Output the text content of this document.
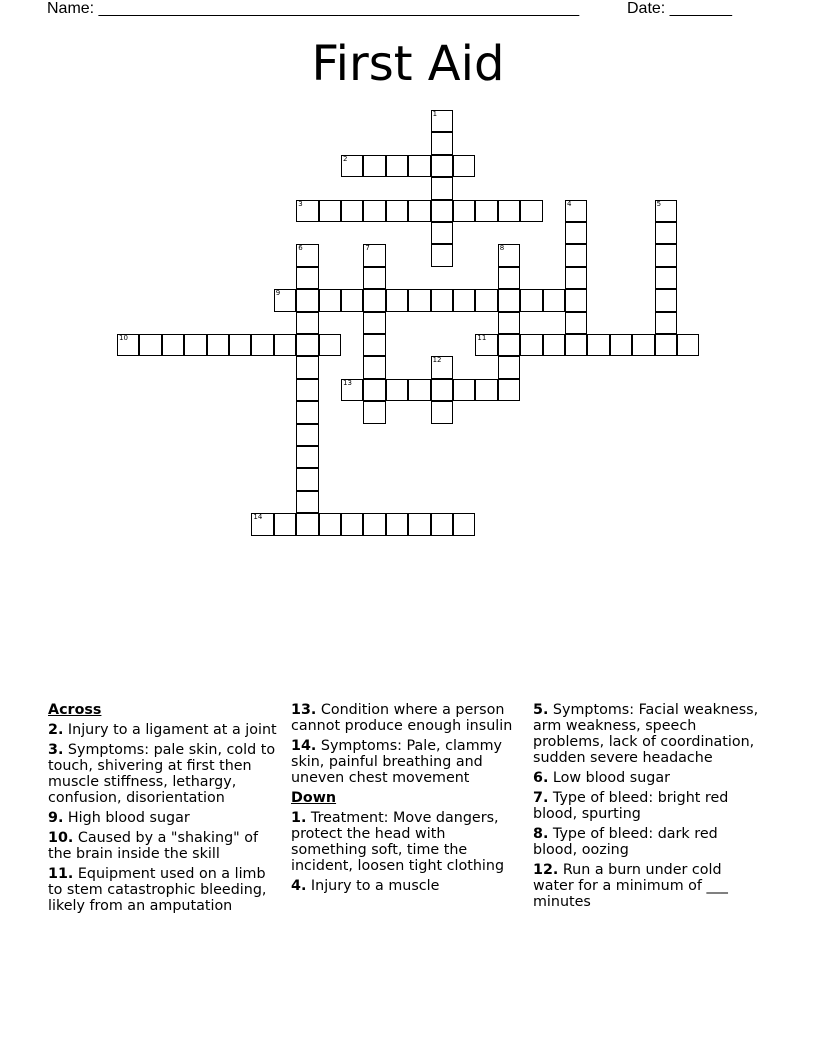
Name: ______________________________________________________	Date: _______
First Aid
1
2
3	4	5
6	7	8
9
10	11
12
13
14
Across
2. Injury to a ligament at a joint
3. Symptoms: pale skin, cold to touch, shivering at first then muscle stiffness, lethargy, confusion, disorientation
9. High blood sugar
10. Caused by a "shaking" of the brain inside the skill
11. Equipment used on a limb to stem catastrophic bleeding, likely from an amputation
13. Condition where a person cannot produce enough insulin
14. Symptoms: Pale, clammy skin, painful breathing and uneven chest movement
Down
1. Treatment: Move dangers, protect the head with something soft, time the incident, loosen tight clothing
4. Injury to a muscle
5. Symptoms: Facial weakness, arm weakness, speech problems, lack of coordination, sudden severe headache
6. Low blood sugar
7. Type of bleed: bright red blood, spurting
8. Type of bleed: dark red blood, oozing
12. Run a burn under cold water for a minimum of ___ minutes
